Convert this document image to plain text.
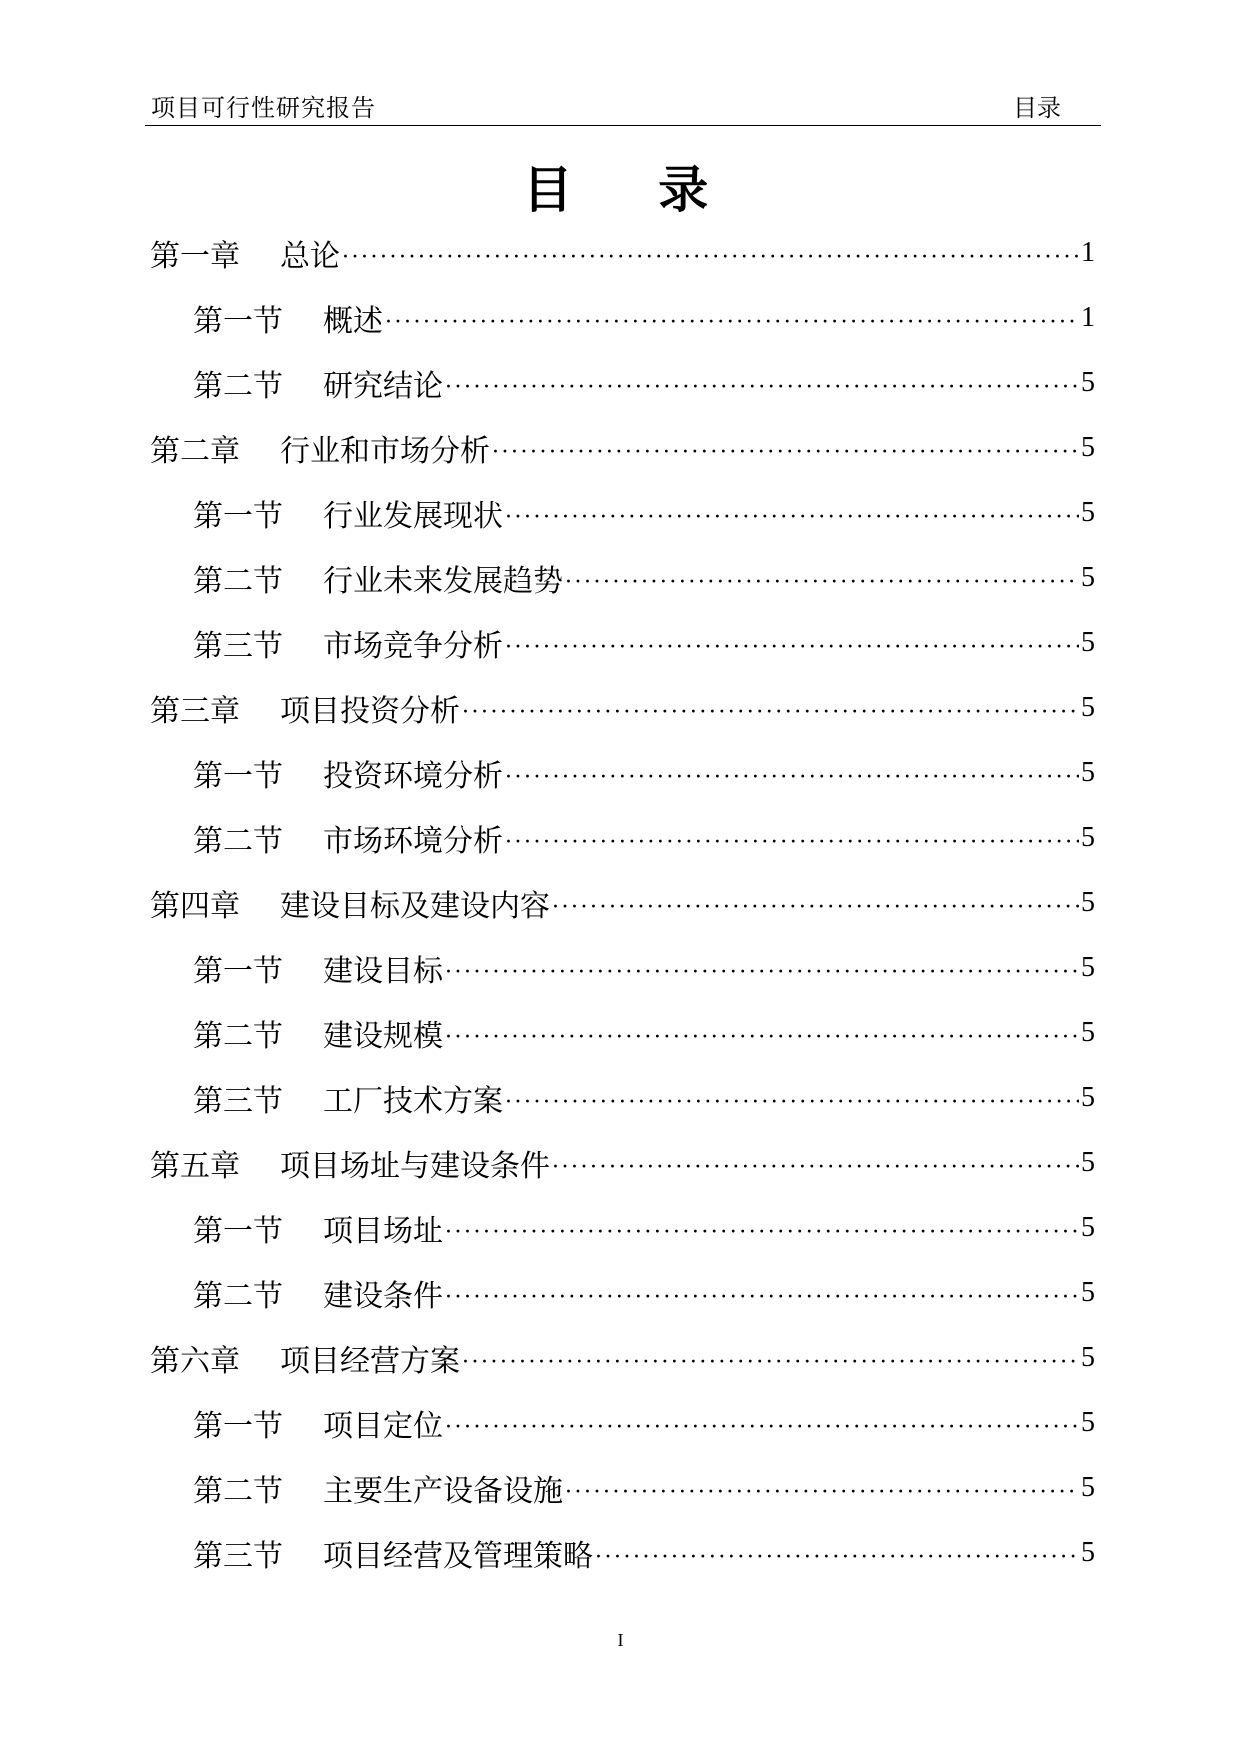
项目可行性研究报告	目录
目 录
第一章 总论 ·····	1
第一节 概述 ·····	1
第二节 研究结论 ·····	5
第二章 行业和市场分析 ·····	5
第一节 行业发展现状 ·····	5
第二节 行业未来发展趋势 ·····	5
第三节 市场竞争分析 ·····	5
第三章 项目投资分析 ·····	5
第一节 投资环境分析 ·····	5
第二节 市场环境分析 ·····	5
第四章 建设目标及建设内容 ·····	5
第一节 建设目标 ·····	5
第二节 建设规模 ·····	5
第三节 工厂技术方案 ·····	5
第五章 项目场址与建设条件 ·····	5
第一节 项目场址 ·····	5
第二节 建设条件 ·····	5
第六章 项目经营方案 ·····	5
第一节 项目定位 ·····	5
第二节 主要生产设备设施 ·····	5
第三节 项目经营及管理策略 ·····	5
I
